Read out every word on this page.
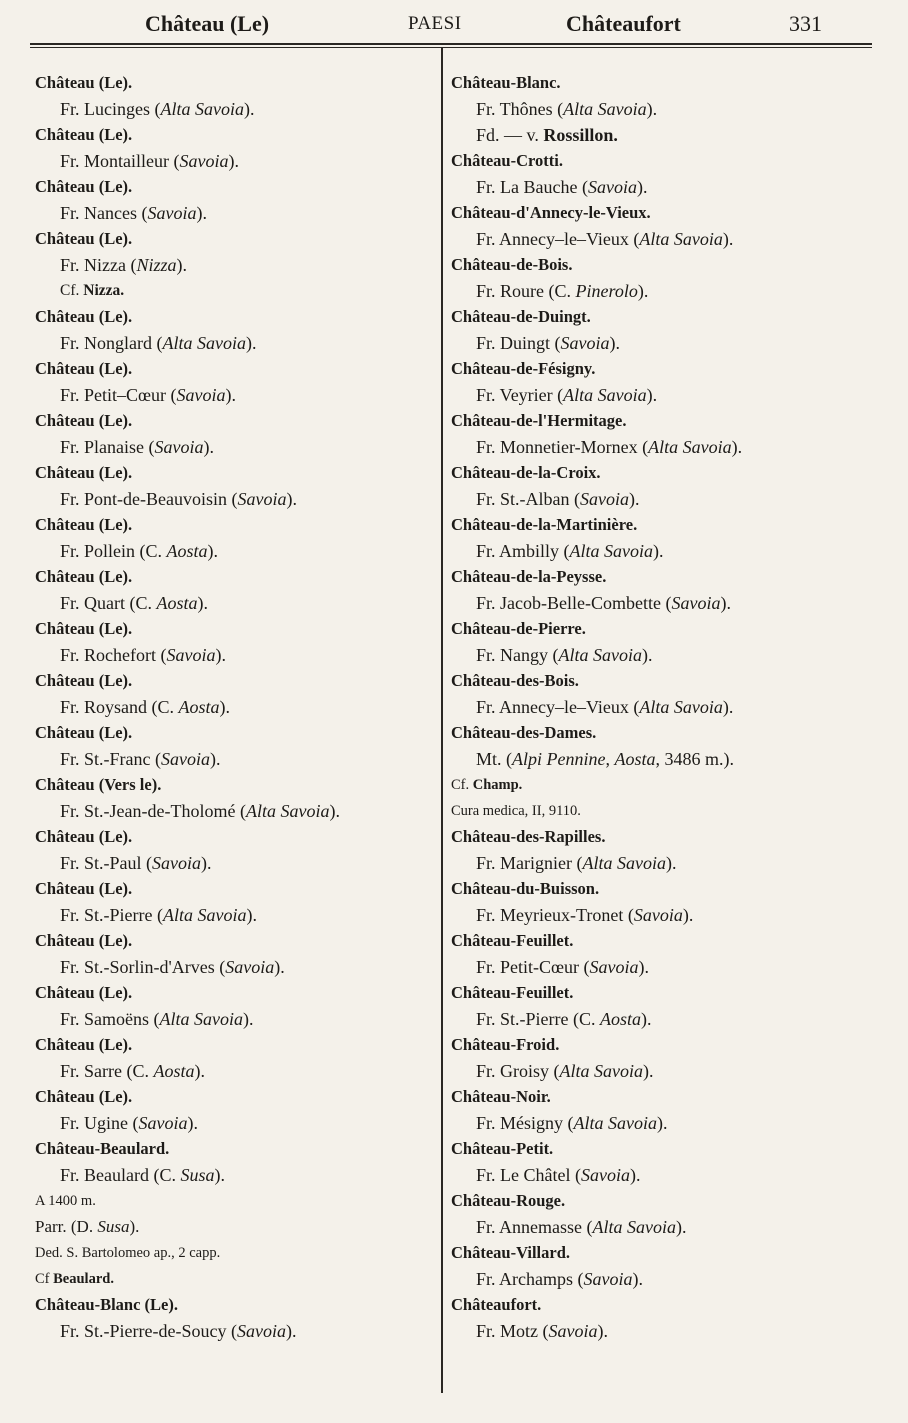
Château (Le)	PAESI	Châteaufort	331
Château (Le).
Fr. Lucinges (Alta Savoia).
Château (Le).
Fr. Montailleur (Savoia).
Château (Le).
Fr. Nances (Savoia).
Château (Le).
Fr. Nizza (Nizza).
Cf. Nizza.
Château (Le).
Fr. Nonglard (Alta Savoia).
Château (Le).
Fr. Petit–Cœur (Savoia).
Château (Le).
Fr. Planaise (Savoia).
Château (Le).
Fr. Pont-de-Beauvoisin (Savoia).
Château (Le).
Fr. Pollein (C. Aosta).
Château (Le).
Fr. Quart (C. Aosta).
Château (Le).
Fr. Rochefort (Savoia).
Château (Le).
Fr. Roysand (C. Aosta).
Château (Le).
Fr. St.-Franc (Savoia).
Château (Vers le).
Fr. St.-Jean-de-Tholomé (Alta Savoia).
Château (Le).
Fr. St.-Paul (Savoia).
Château (Le).
Fr. St.-Pierre (Alta Savoia).
Château (Le).
Fr. St.-Sorlin-d'Arves (Savoia).
Château (Le).
Fr. Samoëns (Alta Savoia).
Château (Le).
Fr. Sarre (C. Aosta).
Château (Le).
Fr. Ugine (Savoia).
Château-Beaulard.
Fr. Beaulard (C. Susa).
A 1400 m.
Parr. (D. Susa).
Ded. S. Bartolomeo ap., 2 capp.
Cf Beaulard.
Château-Blanc (Le).
Fr. St.-Pierre-de-Soucy (Savoia).
Château-Blanc.
Fr. Thônes (Alta Savoia).
Fd. — v. Rossillon.
Château-Crotti.
Fr. La Bauche (Savoia).
Château-d'Annecy-le-Vieux.
Fr. Annecy–le–Vieux (Alta Savoia).
Château-de-Bois.
Fr. Roure (C. Pinerolo).
Château-de-Duingt.
Fr. Duingt (Savoia).
Château-de-Fésigny.
Fr. Veyrier (Alta Savoia).
Château-de-l'Hermitage.
Fr. Monnetier-Mornex (Alta Savoia).
Château-de-la-Croix.
Fr. St.-Alban (Savoia).
Château-de-la-Martinière.
Fr. Ambilly (Alta Savoia).
Château-de-la-Peysse.
Fr. Jacob-Belle-Combette (Savoia).
Château-de-Pierre.
Fr. Nangy (Alta Savoia).
Château-des-Bois.
Fr. Annecy–le–Vieux (Alta Savoia).
Château-des-Dames.
Mt. (Alpi Pennine, Aosta, 3486 m.).
Cf. Champ.
Cura medica, II, 9110.
Château-des-Rapilles.
Fr. Marignier (Alta Savoia).
Château-du-Buisson.
Fr. Meyrieux-Tronet (Savoia).
Château-Feuillet.
Fr. Petit-Cœur (Savoia).
Château-Feuillet.
Fr. St.-Pierre (C. Aosta).
Château-Froid.
Fr. Groisy (Alta Savoia).
Château-Noir.
Fr. Mésigny (Alta Savoia).
Château-Petit.
Fr. Le Châtel (Savoia).
Château-Rouge.
Fr. Annemasse (Alta Savoia).
Château-Villard.
Fr. Archamps (Savoia).
Châteaufort.
Fr. Motz (Savoia).
